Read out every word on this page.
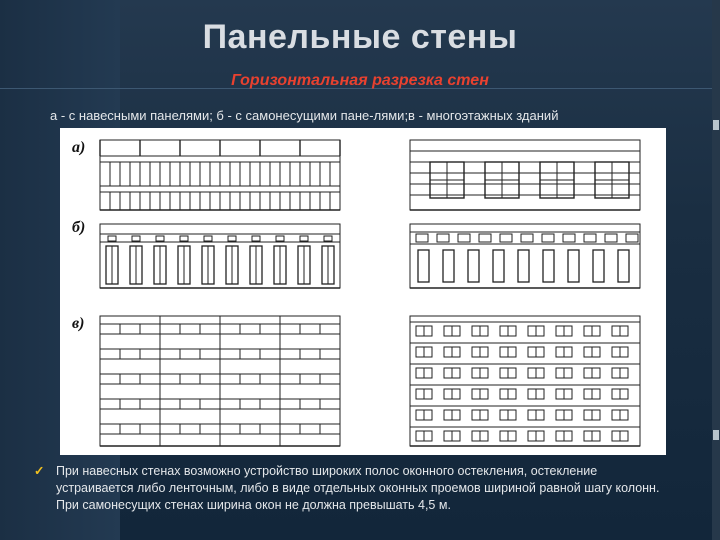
Панельные стены
Горизонтальная разрезка стен
а - с навесными панелями; б - с самонесущими пане-лями;в - многоэтажных зданий
а)
б)
в)
✓ При навесных стенах возможно устройство широких полос оконного остекления, остекление устраивается либо ленточным, либо в виде отдельных оконных проемов шириной равной шагу колонн. При самонесущих стенах ширина окон не должна превышать 4,5 м.
